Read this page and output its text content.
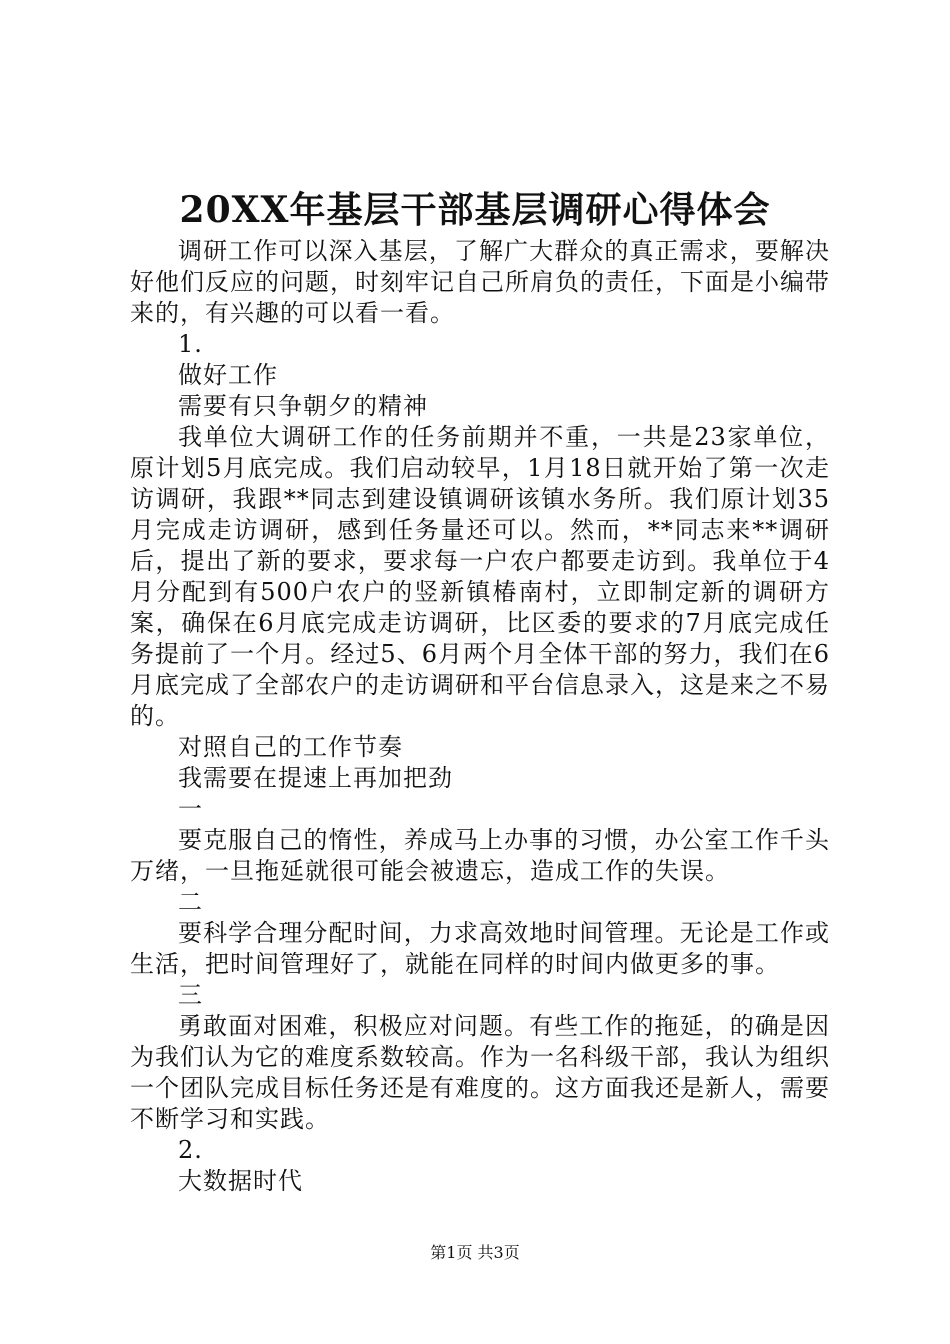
20XX年基层干部基层调研心得体会

调研工作可以深入基层，了解广大群众的真正需求，要解决好他们反应的问题，时刻牢记自己所肩负的责任，下面是小编带来的，有兴趣的可以看一看。

1.

做好工作

需要有只争朝夕的精神

我单位大调研工作的任务前期并不重，一共是23家单位，原计划5月底完成。我们启动较早，1月18日就开始了第一次走访调研，我跟**同志到建设镇调研该镇水务所。我们原计划35月完成走访调研，感到任务量还可以。然而，**同志来**调研后，提出了新的要求，要求每一户农户都要走访到。我单位于4月分配到有500户农户的竖新镇椿南村，立即制定新的调研方案，确保在6月底完成走访调研，比区委的要求的7月底完成任务提前了一个月。经过5、6月两个月全体干部的努力，我们在6月底完成了全部农户的走访调研和平台信息录入，这是来之不易的。

对照自己的工作节奏

我需要在提速上再加把劲

一

要克服自己的惰性，养成马上办事的习惯，办公室工作千头万绪，一旦拖延就很可能会被遗忘，造成工作的失误。

二

要科学合理分配时间，力求高效地时间管理。无论是工作或生活，把时间管理好了，就能在同样的时间内做更多的事。

三

勇敢面对困难，积极应对问题。有些工作的拖延，的确是因为我们认为它的难度系数较高。作为一名科级干部，我认为组织一个团队完成目标任务还是有难度的。这方面我还是新人，需要不断学习和实践。

2.

大数据时代

第1页 共3页
